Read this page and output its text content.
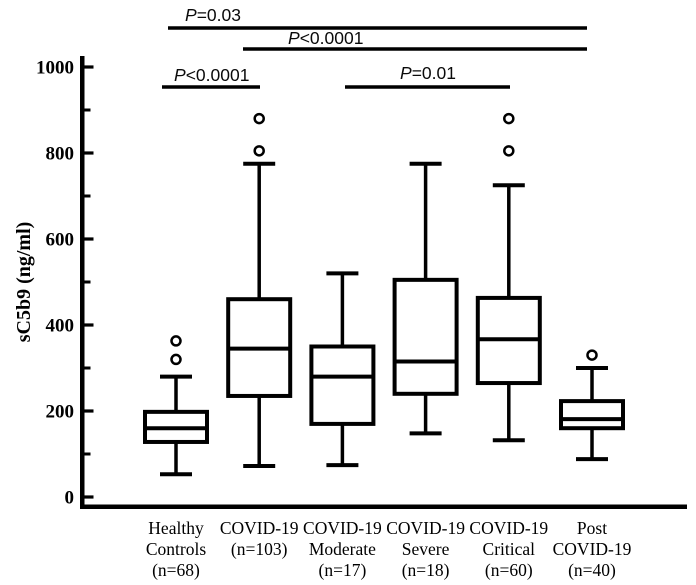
P=0.03
P<0.0001
P<0.0001	P=0.01
0
200
400
600
800
1000
Healthy
Controls
(n=68)
COVID-19
(n=103)
COVID-19
Moderate
(n=17)
COVID-19
Severe
(n=18)
COVID-19
Critical
(n=60)
Post
COVID-19
(n=40)
sC5b9 (ng/ml)
